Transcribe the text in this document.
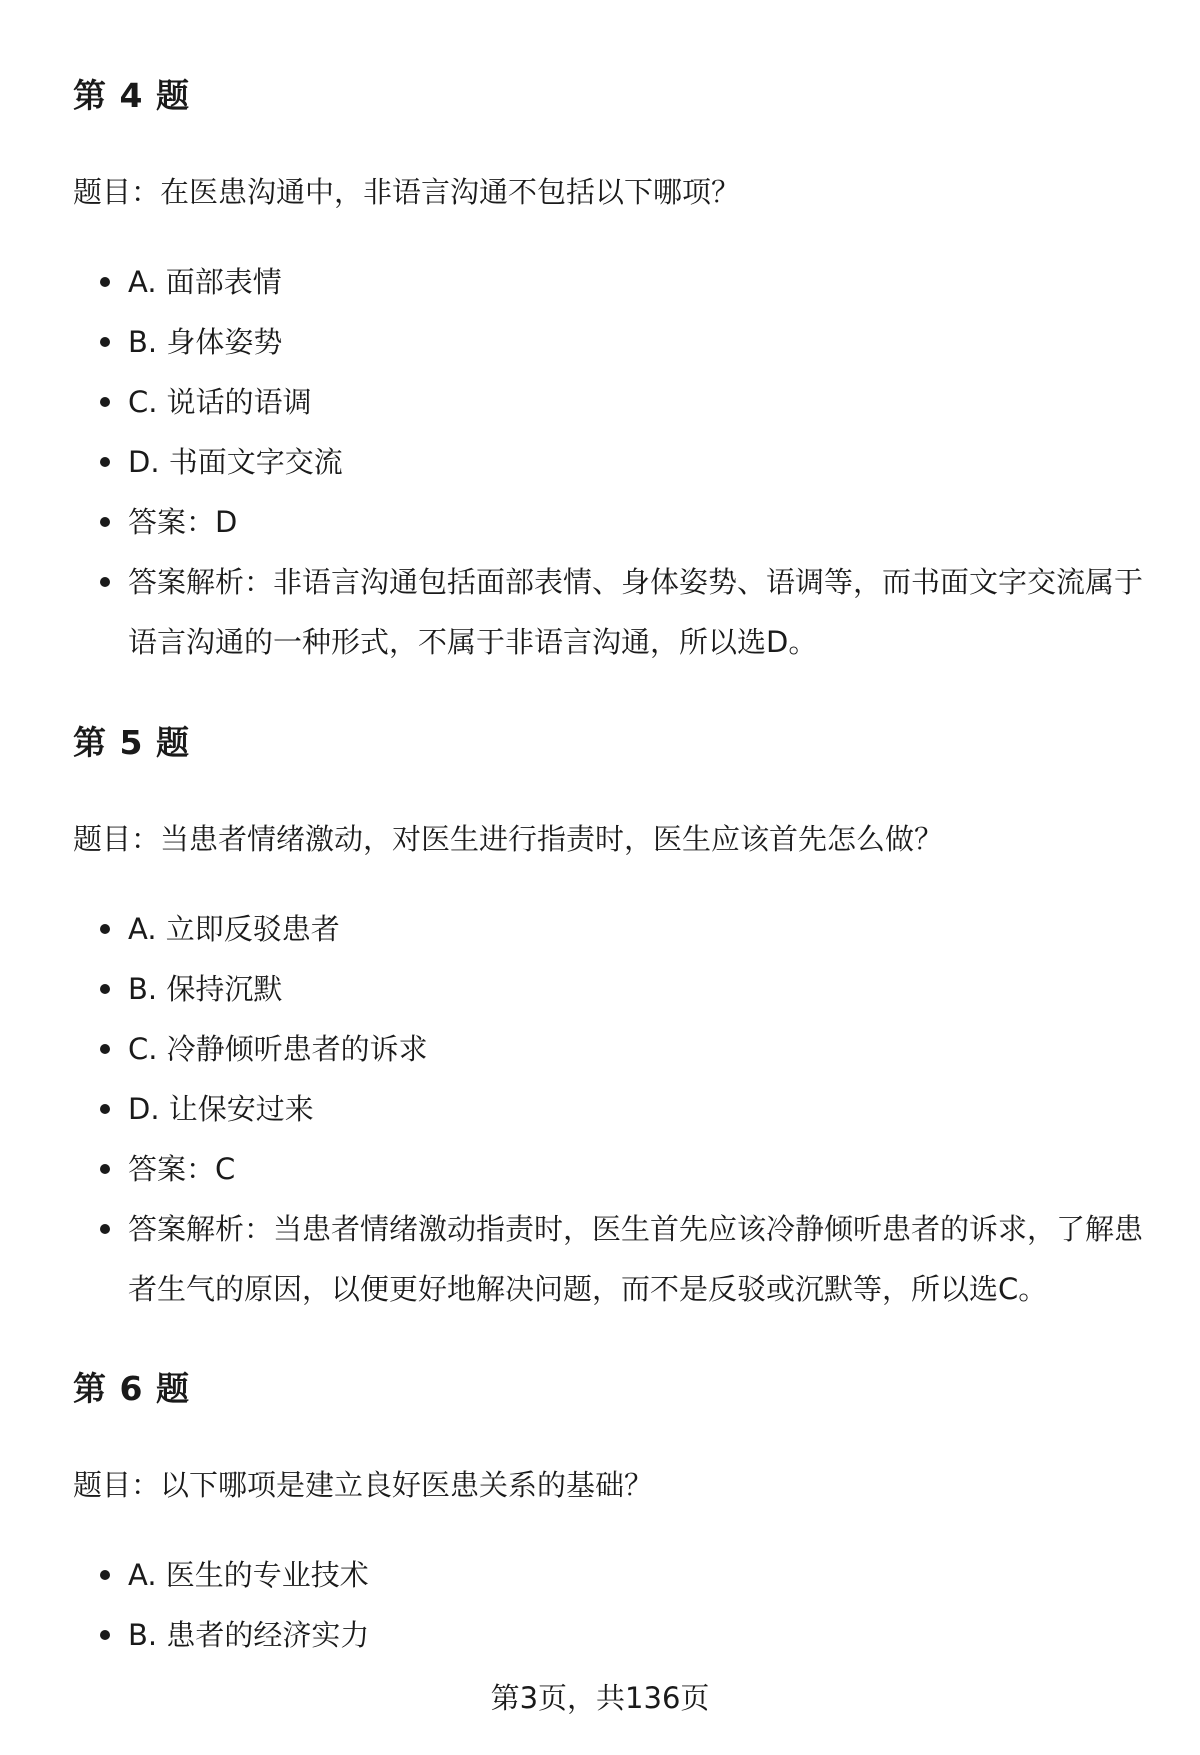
第 4 题

题目：在医患沟通中，非语言沟通不包括以下哪项？

A. 面部表情
B. 身体姿势
C. 说话的语调
D. 书面文字交流
答案：D
答案解析：非语言沟通包括面部表情、身体姿势、语调等，而书面文字交流属于语言沟通的一种形式，不属于非语言沟通，所以选D。
第 5 题

题目：当患者情绪激动，对医生进行指责时，医生应该首先怎么做？

A. 立即反驳患者
B. 保持沉默
C. 冷静倾听患者的诉求
D. 让保安过来
答案：C
答案解析：当患者情绪激动指责时，医生首先应该冷静倾听患者的诉求，了解患者生气的原因，以便更好地解决问题，而不是反驳或沉默等，所以选C。
第 6 题

题目：以下哪项是建立良好医患关系的基础？

A. 医生的专业技术
B. 患者的经济实力
第3页，共136页
